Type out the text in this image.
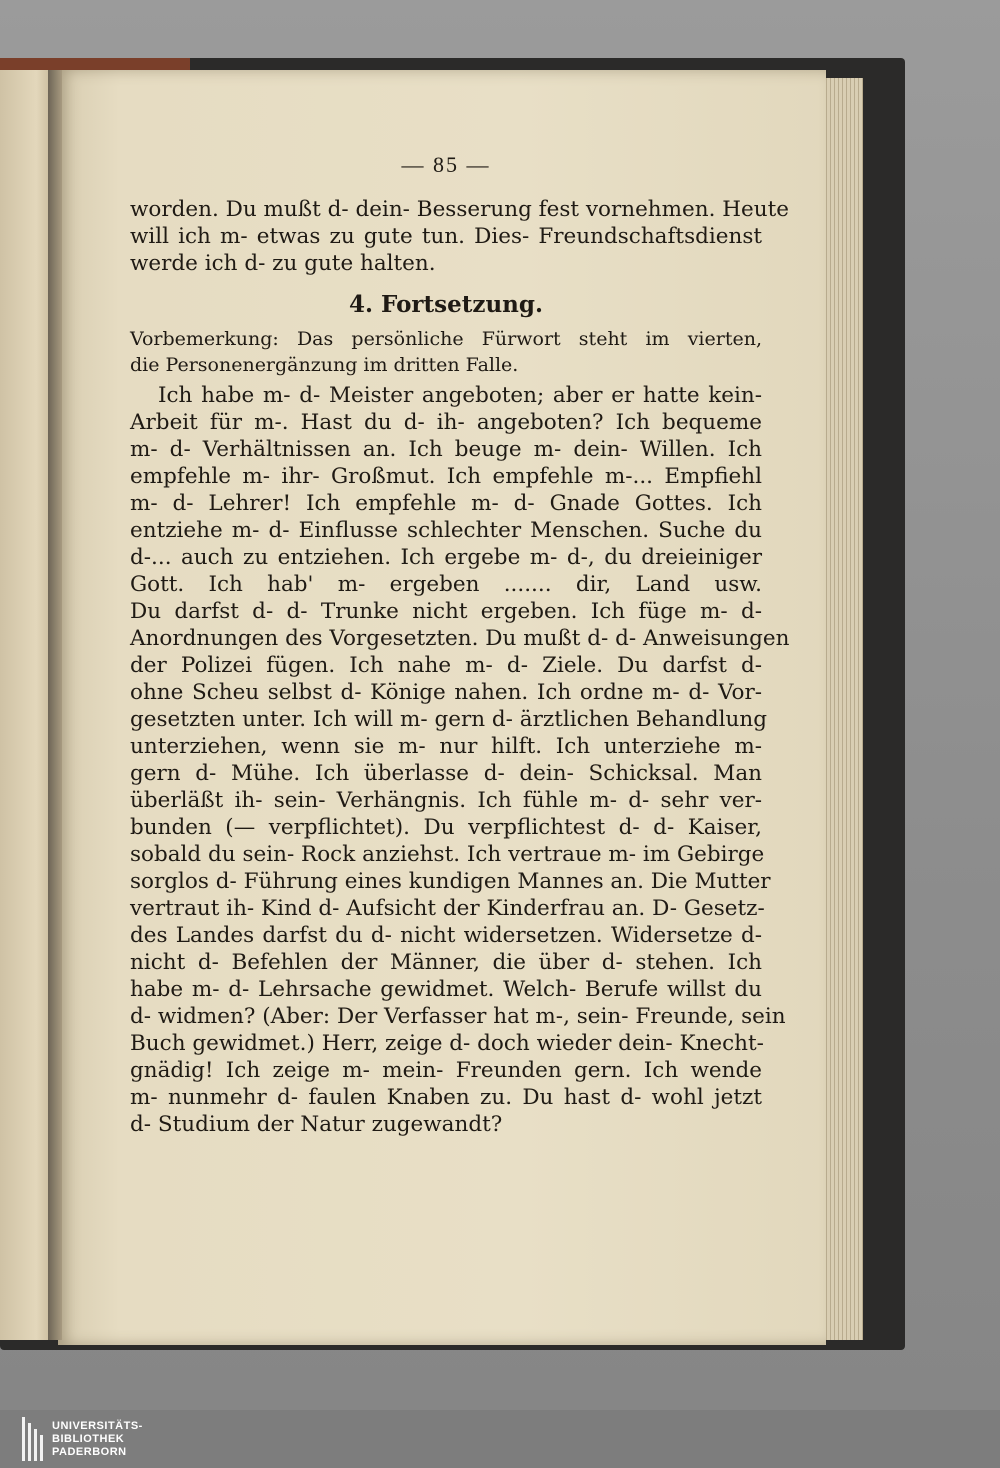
— 85 —
worden. Du mußt d- dein- Besserung fest vornehmen. Heute
will ich m- etwas zu gute tun. Dies- Freundschaftsdienst
werde ich d- zu gute halten.
4. Fortsetzung.
Vorbemerkung: Das persönliche Fürwort steht im vierten,
die Personenergänzung im dritten Falle.
Ich habe m- d- Meister angeboten; aber er hatte kein-
Arbeit für m-. Hast du d- ih- angeboten? Ich bequeme
m- d- Verhältnissen an. Ich beuge m- dein- Willen. Ich
empfehle m- ihr- Großmut. Ich empfehle m-... Empfiehl
m- d- Lehrer! Ich empfehle m- d- Gnade Gottes. Ich
entziehe m- d- Einflusse schlechter Menschen. Suche du
d-... auch zu entziehen. Ich ergebe m- d-, du dreieiniger
Gott. Ich hab' m- ergeben ....... dir, Land usw.
Du darfst d- d- Trunke nicht ergeben. Ich füge m- d-
Anordnungen des Vorgesetzten. Du mußt d- d- Anweisungen
der Polizei fügen. Ich nahe m- d- Ziele. Du darfst d-
ohne Scheu selbst d- Könige nahen. Ich ordne m- d- Vor-
gesetzten unter. Ich will m- gern d- ärztlichen Behandlung
unterziehen, wenn sie m- nur hilft. Ich unterziehe m-
gern d- Mühe. Ich überlasse d- dein- Schicksal. Man
überläßt ih- sein- Verhängnis. Ich fühle m- d- sehr ver-
bunden (— verpflichtet). Du verpflichtest d- d- Kaiser,
sobald du sein- Rock anziehst. Ich vertraue m- im Gebirge
sorglos d- Führung eines kundigen Mannes an. Die Mutter
vertraut ih- Kind d- Aufsicht der Kinderfrau an. D- Gesetz-
des Landes darfst du d- nicht widersetzen. Widersetze d-
nicht d- Befehlen der Männer, die über d- stehen. Ich
habe m- d- Lehrsache gewidmet. Welch- Berufe willst du
d- widmen? (Aber: Der Verfasser hat m-, sein- Freunde, sein
Buch gewidmet.) Herr, zeige d- doch wieder dein- Knecht-
gnädig! Ich zeige m- mein- Freunden gern. Ich wende
m- nunmehr d- faulen Knaben zu. Du hast d- wohl jetzt
d- Studium der Natur zugewandt?
UNIVERSITÄTS-
BIBLIOTHEK
PADERBORN
